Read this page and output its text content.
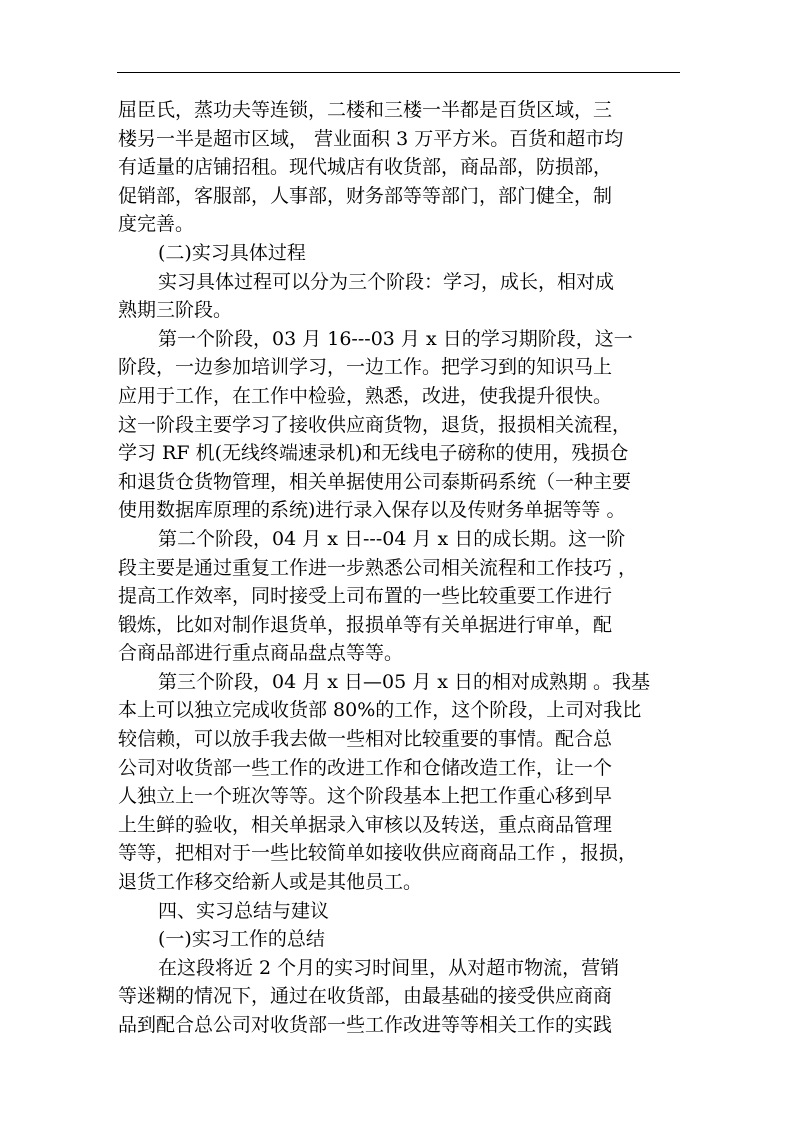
屈臣氏，蒸功夫等连锁，二楼和三楼一半都是百货区域，三
楼另一半是超市区域， 营业面积 3 万平方米。百货和超市均
有适量的店铺招租。现代城店有收货部，商品部，防损部，
促销部，客服部，人事部，财务部等等部门，部门健全，制
度完善。
(二)实习具体过程
实习具体过程可以分为三个阶段：学习，成长，相对成
熟期三阶段。
第一个阶段，03 月 16---03 月 x 日的学习期阶段，这一
阶段，一边参加培训学习，一边工作。把学习到的知识马上
应用于工作，在工作中检验，熟悉，改进，使我提升很快。
这一阶段主要学习了接收供应商货物，退货，报损相关流程，
学习 RF 机(无线终端速录机)和无线电子磅称的使用，残损仓
和退货仓货物管理，相关单据使用公司泰斯码系统（一种主要
使用数据库原理的系统)进行录入保存以及传财务单据等等 。
第二个阶段，04 月 x 日---04 月 x 日的成长期。这一阶
段主要是通过重复工作进一步熟悉公司相关流程和工作技巧 ，
提高工作效率，同时接受上司布置的一些比较重要工作进行
锻炼，比如对制作退货单，报损单等有关单据进行审单，配
合商品部进行重点商品盘点等等。
第三个阶段，04 月 x 日—05 月 x 日的相对成熟期 。我基
本上可以独立完成收货部 80%的工作，这个阶段，上司对我比
较信赖，可以放手我去做一些相对比较重要的事情。配合总
公司对收货部一些工作的改进工作和仓储改造工作，让一个
人独立上一个班次等等。这个阶段基本上把工作重心移到早
上生鲜的验收，相关单据录入审核以及转送，重点商品管理
等等，把相对于一些比较简单如接收供应商商品工作 ，报损，
退货工作移交给新人或是其他员工。
四、实习总结与建议
(一)实习工作的总结
在这段将近 2 个月的实习时间里，从对超市物流，营销
等迷糊的情况下，通过在收货部，由最基础的接受供应商商
品到配合总公司对收货部一些工作改进等等相关工作的实践
